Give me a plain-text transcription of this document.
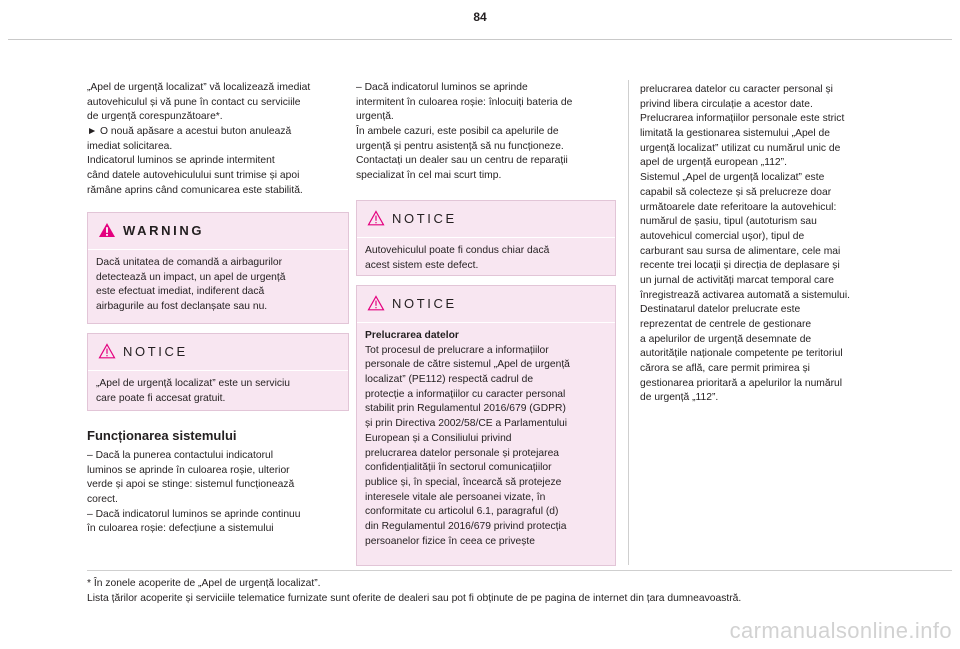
84
„Apel de urgență localizat” vă localizează imediat
autovehiculul și vă pune în contact cu serviciile
de urgență corespunzătoare*.
► O nouă apăsare a acestui buton anulează
imediat solicitarea.
Indicatorul luminos se aprinde intermitent
când datele autovehiculului sunt trimise și apoi
rămâne aprins când comunicarea este stabilită.
WARNING
Dacă unitatea de comandă a airbagurilor
detectează un impact, un apel de urgență
este efectuat imediat, indiferent dacă
airbagurile au fost declanșate sau nu.
NOTICE
„Apel de urgență localizat” este un serviciu
care poate fi accesat gratuit.
Funcționarea sistemului
– Dacă la punerea contactului indicatorul
luminos se aprinde în culoarea roșie, ulterior
verde și apoi se stinge: sistemul funcționează
corect.
– Dacă indicatorul luminos se aprinde continuu
în culoarea roșie: defecțiune a sistemului
– Dacă indicatorul luminos se aprinde
intermitent în culoarea roșie: înlocuiți bateria de
urgență.
În ambele cazuri, este posibil ca apelurile de
urgență și pentru asistență să nu funcționeze.
Contactați un dealer sau un centru de reparații
specializat în cel mai scurt timp.
NOTICE
Autovehiculul poate fi condus chiar dacă
acest sistem este defect.
NOTICE
Prelucrarea datelor
Tot procesul de prelucrare a informațiilor
personale de către sistemul „Apel de urgență
localizat” (PE112) respectă cadrul de
protecție a informațiilor cu caracter personal
stabilit prin Regulamentul 2016/679 (GDPR)
și prin Directiva 2002/58/CE a Parlamentului
European și a Consiliului privind
prelucrarea datelor personale și protejarea
confidențialității în sectorul comunicațiilor
publice și, în special, încearcă să protejeze
interesele vitale ale persoanei vizate, în
conformitate cu articolul 6.1, paragraful (d)
din Regulamentul 2016/679 privind protecția
persoanelor fizice în ceea ce privește
prelucrarea datelor cu caracter personal și
privind libera circulație a acestor date.
Prelucrarea informațiilor personale este strict
limitată la gestionarea sistemului „Apel de
urgență localizat” utilizat cu numărul unic de
apel de urgență european „112”.
Sistemul „Apel de urgență localizat” este
capabil să colecteze și să prelucreze doar
următoarele date referitoare la autovehicul:
numărul de șasiu, tipul (autoturism sau
autovehicul comercial ușor), tipul de
carburant sau sursa de alimentare, cele mai
recente trei locații și direcția de deplasare și
un jurnal de activități marcat temporal care
înregistrează activarea automată a sistemului.
Destinatarul datelor prelucrate este
reprezentat de centrele de gestionare
a apelurilor de urgență desemnate de
autoritățile naționale competente pe teritoriul
cărora se află, care permit primirea și
gestionarea prioritară a apelurilor la numărul
de urgență „112”.
* În zonele acoperite de „Apel de urgență localizat”.
Lista țărilor acoperite și serviciile telematice furnizate sunt oferite de dealeri sau pot fi obținute de pe pagina de internet din țara dumneavoastră.
carmanualsonline.info
